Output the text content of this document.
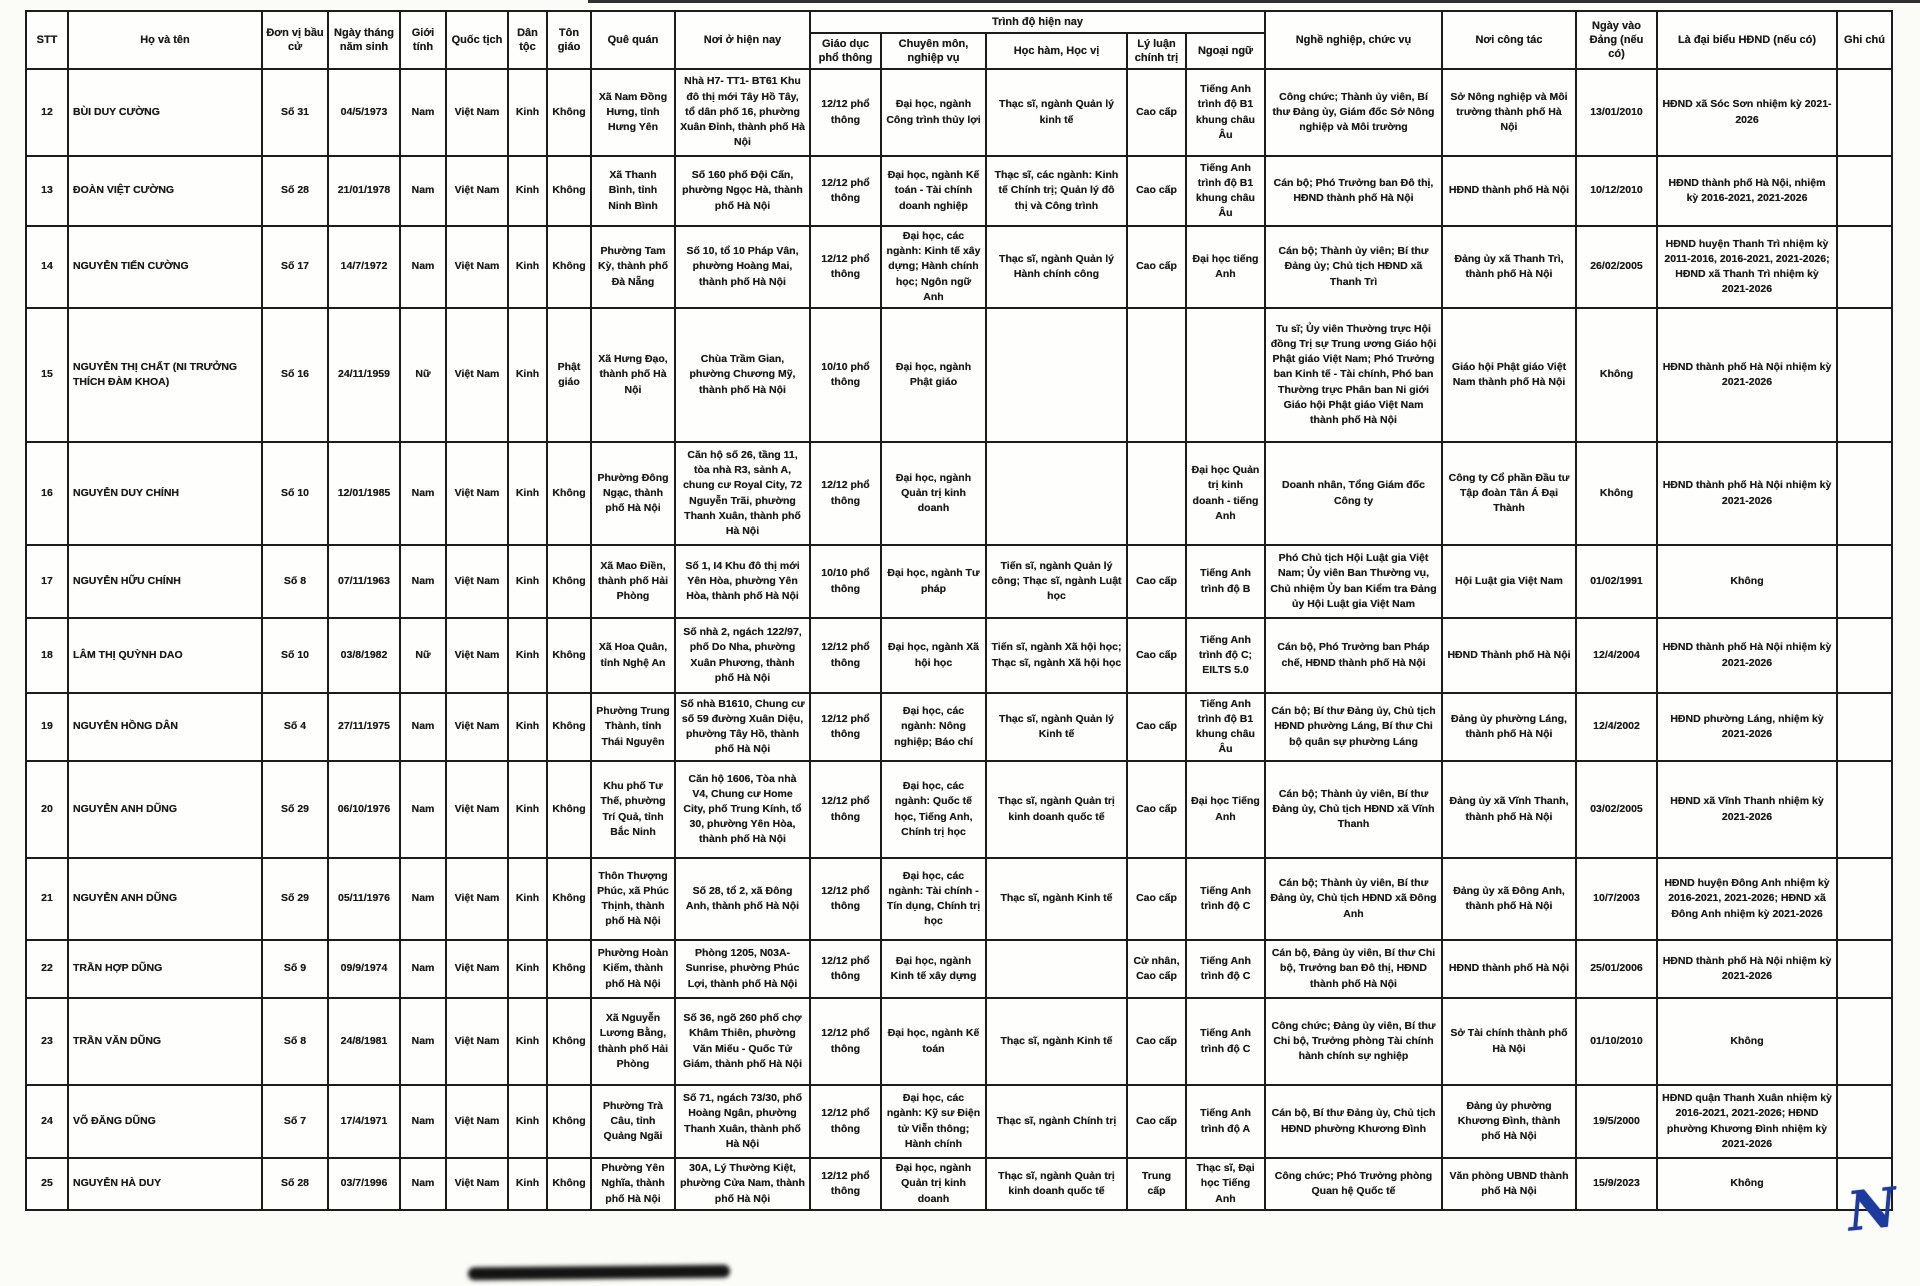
STT	Họ và tên	Đơn vị bầu cử	Ngày tháng năm sinh	Giới tính	Quốc tịch	Dân tộc	Tôn giáo	Quê quán	Nơi ở hiện nay	Trình độ hiện nay					Nghề nghiệp, chức vụ	Nơi công tác	Ngày vào Đảng (nếu có)	Là đại biểu HĐND (nếu có)	Ghi chú
										Giáo dục phổ thông	Chuyên môn, nghiệp vụ	Học hàm, Học vị	Lý luận chính trị	Ngoại ngữ					
12	BÙI DUY CƯỜNG	Số 31	04/5/1973	Nam	Việt Nam	Kinh	Không	Xã Nam Đồng Hưng, tỉnh Hưng Yên	Nhà H7- TT1- BT61 Khu đô thị mới Tây Hồ Tây, tổ dân phố 16, phường Xuân Đỉnh, thành phố Hà Nội	12/12 phổ thông	Đại học, ngành Công trình thủy lợi	Thạc sĩ, ngành Quản lý kinh tế	Cao cấp	Tiếng Anh trình độ B1 khung châu Âu	Công chức; Thành ủy viên, Bí thư Đảng ủy, Giám đốc Sở Nông nghiệp và Môi trường	Sở Nông nghiệp và Môi trường thành phố Hà Nội	13/01/2010	HĐND xã Sóc Sơn nhiệm kỳ 2021-2026	
13	ĐOÀN VIỆT CƯỜNG	Số 28	21/01/1978	Nam	Việt Nam	Kinh	Không	Xã Thanh Bình, tỉnh Ninh Bình	Số 160 phố Đội Cấn, phường Ngọc Hà, thành phố Hà Nội	12/12 phổ thông	Đại học, ngành Kế toán - Tài chính doanh nghiệp	Thạc sĩ, các ngành: Kinh tế Chính trị; Quản lý đô thị và Công trình	Cao cấp	Tiếng Anh trình độ B1 khung châu Âu	Cán bộ; Phó Trưởng ban Đô thị, HĐND thành phố Hà Nội	HĐND thành phố Hà Nội	10/12/2010	HĐND thành phố Hà Nội, nhiệm kỳ 2016-2021, 2021-2026	
14	NGUYỄN TIẾN CƯỜNG	Số 17	14/7/1972	Nam	Việt Nam	Kinh	Không	Phường Tam Kỳ, thành phố Đà Nẵng	Số 10, tổ 10 Pháp Vân, phường Hoàng Mai, thành phố Hà Nội	12/12 phổ thông	Đại học, các ngành: Kinh tế xây dựng; Hành chính học; Ngôn ngữ Anh	Thạc sĩ, ngành Quản lý Hành chính công	Cao cấp	Đại học tiếng Anh	Cán bộ; Thành ủy viên; Bí thư Đảng ủy; Chủ tịch HĐND xã Thanh Trì	Đảng ủy xã Thanh Trì, thành phố Hà Nội	26/02/2005	HĐND huyện Thanh Trì nhiệm kỳ 2011-2016, 2016-2021, 2021-2026; HĐND xã Thanh Trì nhiệm kỳ 2021-2026	
15	NGUYỄN THỊ CHẤT (NI TRƯỞNG THÍCH ĐÀM KHOA)	Số 16	24/11/1959	Nữ	Việt Nam	Kinh	Phật giáo	Xã Hưng Đạo, thành phố Hà Nội	Chùa Trầm Gian, phường Chương Mỹ, thành phố Hà Nội	10/10 phổ thông	Đại học, ngành Phật giáo				Tu sĩ; Ủy viên Thường trực Hội đồng Trị sự Trung ương Giáo hội Phật giáo Việt Nam; Phó Trưởng ban Kinh tế - Tài chính, Phó ban Thường trực Phân ban Ni giới Giáo hội Phật giáo Việt Nam thành phố Hà Nội	Giáo hội Phật giáo Việt Nam thành phố Hà Nội	Không	HĐND thành phố Hà Nội nhiệm kỳ 2021-2026	
16	NGUYỄN DUY CHÍNH	Số 10	12/01/1985	Nam	Việt Nam	Kinh	Không	Phường Đông Ngạc, thành phố Hà Nội	Căn hộ số 26, tầng 11, tòa nhà R3, sảnh A, chung cư Royal City, 72 Nguyễn Trãi, phường Thanh Xuân, thành phố Hà Nội	12/12 phổ thông	Đại học, ngành Quản trị kinh doanh			Đại học Quản trị kinh doanh - tiếng Anh	Doanh nhân, Tổng Giám đốc Công ty	Công ty Cổ phần Đầu tư Tập đoàn Tân Á Đại Thành	Không	HĐND thành phố Hà Nội nhiệm kỳ 2021-2026	
17	NGUYỄN HỮU CHÍNH	Số 8	07/11/1963	Nam	Việt Nam	Kinh	Không	Xã Mao Điền, thành phố Hải Phòng	Số 1, I4 Khu đô thị mới Yên Hòa, phường Yên Hòa, thành phố Hà Nội	10/10 phổ thông	Đại học, ngành Tư pháp	Tiến sĩ, ngành Quản lý công; Thạc sĩ, ngành Luật học	Cao cấp	Tiếng Anh trình độ B	Phó Chủ tịch Hội Luật gia Việt Nam; Ủy viên Ban Thường vụ, Chủ nhiệm Ủy ban Kiểm tra Đảng ủy Hội Luật gia Việt Nam	Hội Luật gia Việt Nam	01/02/1991	Không	
18	LÂM THỊ QUỲNH DAO	Số 10	03/8/1982	Nữ	Việt Nam	Kinh	Không	Xã Hoa Quân, tỉnh Nghệ An	Số nhà 2, ngách 122/97, phố Do Nha, phường Xuân Phương, thành phố Hà Nội	12/12 phổ thông	Đại học, ngành Xã hội học	Tiến sĩ, ngành Xã hội học; Thạc sĩ, ngành Xã hội học	Cao cấp	Tiếng Anh trình độ C; EILTS 5.0	Cán bộ, Phó Trưởng ban Pháp chế, HĐND thành phố Hà Nội	HĐND Thành phố Hà Nội	12/4/2004	HĐND thành phố Hà Nội nhiệm kỳ 2021-2026	
19	NGUYỄN HỒNG DÂN	Số 4	27/11/1975	Nam	Việt Nam	Kinh	Không	Phường Trung Thành, tỉnh Thái Nguyên	Số nhà B1610, Chung cư số 59 đường Xuân Diệu, phường Tây Hồ, thành phố Hà Nội	12/12 phổ thông	Đại học, các ngành: Nông nghiệp; Báo chí	Thạc sĩ, ngành Quản lý Kinh tế	Cao cấp	Tiếng Anh trình độ B1 khung châu Âu	Cán bộ; Bí thư Đảng ủy, Chủ tịch HĐND phường Láng, Bí thư Chi bộ quân sự phường Láng	Đảng ủy phường Láng, thành phố Hà Nội	12/4/2002	HĐND phường Láng, nhiệm kỳ 2021-2026	
20	NGUYỄN ANH DŨNG	Số 29	06/10/1976	Nam	Việt Nam	Kinh	Không	Khu phố Tư Thế, phường Trí Quả, tỉnh Bắc Ninh	Căn hộ 1606, Tòa nhà V4, Chung cư Home City, phố Trung Kính, tổ 30, phường Yên Hòa, thành phố Hà Nội	12/12 phổ thông	Đại học, các ngành: Quốc tế học, Tiếng Anh, Chính trị học	Thạc sĩ, ngành Quản trị kinh doanh quốc tế	Cao cấp	Đại học Tiếng Anh	Cán bộ; Thành ủy viên, Bí thư Đảng ủy, Chủ tịch HĐND xã Vĩnh Thanh	Đảng ủy xã Vĩnh Thanh, thành phố Hà Nội	03/02/2005	HĐND xã Vĩnh Thanh nhiệm kỳ 2021-2026	
21	NGUYỄN ANH DŨNG	Số 29	05/11/1976	Nam	Việt Nam	Kinh	Không	Thôn Thượng Phúc, xã Phúc Thịnh, thành phố Hà Nội	Số 28, tổ 2, xã Đông Anh, thành phố Hà Nội	12/12 phổ thông	Đại học, các ngành: Tài chính - Tín dụng, Chính trị học	Thạc sĩ, ngành Kinh tế	Cao cấp	Tiếng Anh trình độ C	Cán bộ; Thành ủy viên, Bí thư Đảng ủy, Chủ tịch HĐND xã Đông Anh	Đảng ủy xã Đông Anh, thành phố Hà Nội	10/7/2003	HĐND huyện Đông Anh nhiệm kỳ 2016-2021, 2021-2026; HĐND xã Đông Anh nhiệm kỳ 2021-2026	
22	TRẦN HỢP DŨNG	Số 9	09/9/1974	Nam	Việt Nam	Kinh	Không	Phường Hoàn Kiếm, thành phố Hà Nội	Phòng 1205, N03A-Sunrise, phường Phúc Lợi, thành phố Hà Nội	12/12 phổ thông	Đại học, ngành Kinh tế xây dựng		Cử nhân, Cao cấp	Tiếng Anh trình độ C	Cán bộ, Đảng ủy viên, Bí thư Chi bộ, Trưởng ban Đô thị, HĐND thành phố Hà Nội	HĐND thành phố Hà Nội	25/01/2006	HĐND thành phố Hà Nội nhiệm kỳ 2021-2026	
23	TRẦN VĂN DŨNG	Số 8	24/8/1981	Nam	Việt Nam	Kinh	Không	Xã Nguyễn Lương Bằng, thành phố Hải Phòng	Số 36, ngõ 260 phố chợ Khâm Thiên, phường Văn Miếu - Quốc Tử Giám, thành phố Hà Nội	12/12 phổ thông	Đại học, ngành Kế toán	Thạc sĩ, ngành Kinh tế	Cao cấp	Tiếng Anh trình độ C	Công chức; Đảng ủy viên, Bí thư Chi bộ, Trưởng phòng Tài chính hành chính sự nghiệp	Sở Tài chính thành phố Hà Nội	01/10/2010	Không	
24	VÕ ĐĂNG DŨNG	Số 7	17/4/1971	Nam	Việt Nam	Kinh	Không	Phường Trà Câu, tỉnh Quảng Ngãi	Số 71, ngách 73/30, phố Hoàng Ngân, phường Thanh Xuân, thành phố Hà Nội	12/12 phổ thông	Đại học, các ngành: Kỹ sư Điện tử Viễn thông; Hành chính	Thạc sĩ, ngành Chính trị	Cao cấp	Tiếng Anh trình độ A	Cán bộ, Bí thư Đảng ủy, Chủ tịch HĐND phường Khương Đình	Đảng ủy phường Khương Đình, thành phố Hà Nội	19/5/2000	HĐND quận Thanh Xuân nhiệm kỳ 2016-2021, 2021-2026; HĐND phường Khương Đình nhiệm kỳ 2021-2026	
25	NGUYỄN HÀ DUY	Số 28	03/7/1996	Nam	Việt Nam	Kinh	Không	Phường Yên Nghĩa, thành phố Hà Nội	30A, Lý Thường Kiệt, phường Cửa Nam, thành phố Hà Nội	12/12 phổ thông	Đại học, ngành Quản trị kinh doanh	Thạc sĩ, ngành Quản trị kinh doanh quốc tế	Trung cấp	Thạc sĩ, Đại học Tiếng Anh	Công chức; Phó Trưởng phòng Quan hệ Quốc tế	Văn phòng UBND thành phố Hà Nội	15/9/2023	Không	N
